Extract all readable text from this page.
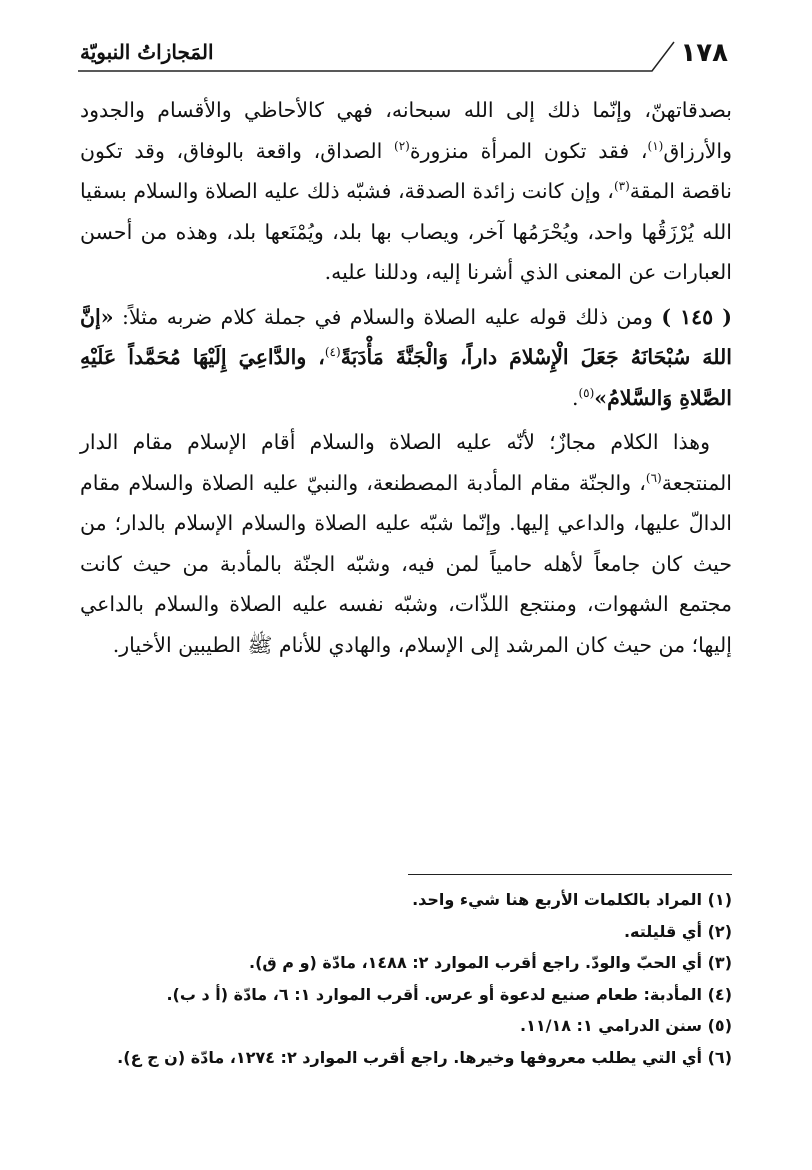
١٧٨
المَجازاتُ النبويّة

بصدقاتهنّ، وإنّما ذلك إلى الله سبحانه، فهي كالأحاظي والأقسام والجدود والأرزاق$^{(١)}$، فقد تكون المرأة منزورة$^{(٢)}$ الصداق، واقعة بالوفاق، وقد تكون ناقصة المقة$^{(٣)}$، وإن كانت زائدة الصدقة، فشبّه ذلك عليه الصلاة والسلام بسقيا الله يُرْزَقُها واحد، ويُحْرَمُها آخر، ويصاب بها بلد، ويُمْنَعها بلد، وهذه من أحسن العبارات عن المعنى الذي أشرنا إليه، ودللنا عليه.

( ١٤٥ ) ومن ذلك قوله عليه الصلاة والسلام في جملة كلام ضربه مثلاً: «إنَّ اللهَ سُبْحَانَهُ جَعَلَ الْإِسْلامَ داراً، وَالْجَنَّةَ مَأْدَبَةً$^{(٤)}$، والدَّاعِيَ إِلَيْهَا مُحَمَّداً عَلَيْهِ الصَّلاةِ وَالسَّلامُ»$^{(٥)}$.

وهذا الكلام مجازٌ؛ لأنّه عليه الصلاة والسلام أقام الإسلام مقام الدار المنتجعة$^{(٦)}$، والجنّة مقام المأدبة المصطنعة، والنبيّ عليه الصلاة والسلام مقام الدالّ عليها، والداعي إليها. وإنّما شبّه عليه الصلاة والسلام الإسلام بالدار؛ من حيث كان جامعاً لأهله حامياً لمن فيه، وشبّه الجنّة بالمأدبة من حيث كانت مجتمع الشهوات، ومنتجع اللذّات، وشبّه نفسه عليه الصلاة والسلام بالداعي إليها؛ من حيث كان المرشد إلى الإسلام، والهادي للأنام ﷺ الطيبين الأخيار.

(١) المراد بالكلمات الأربع هنا شيء واحد.

(٢) أي قليلته.

(٣) أي الحبّ والودّ. راجع أقرب الموارد ٢: ١٤٨٨، مادّة (و م ق).

(٤) المأدبة: طعام صنيع لدعوة أو عرس. أقرب الموارد ١: ٦، مادّة (أ د ب).

(٥) سنن الدرامي ١: ١١/١٨.

(٦) أي التي يطلب معروفها وخيرها. راجع أقرب الموارد ٢: ١٢٧٤، مادّة (ن ج ع).
